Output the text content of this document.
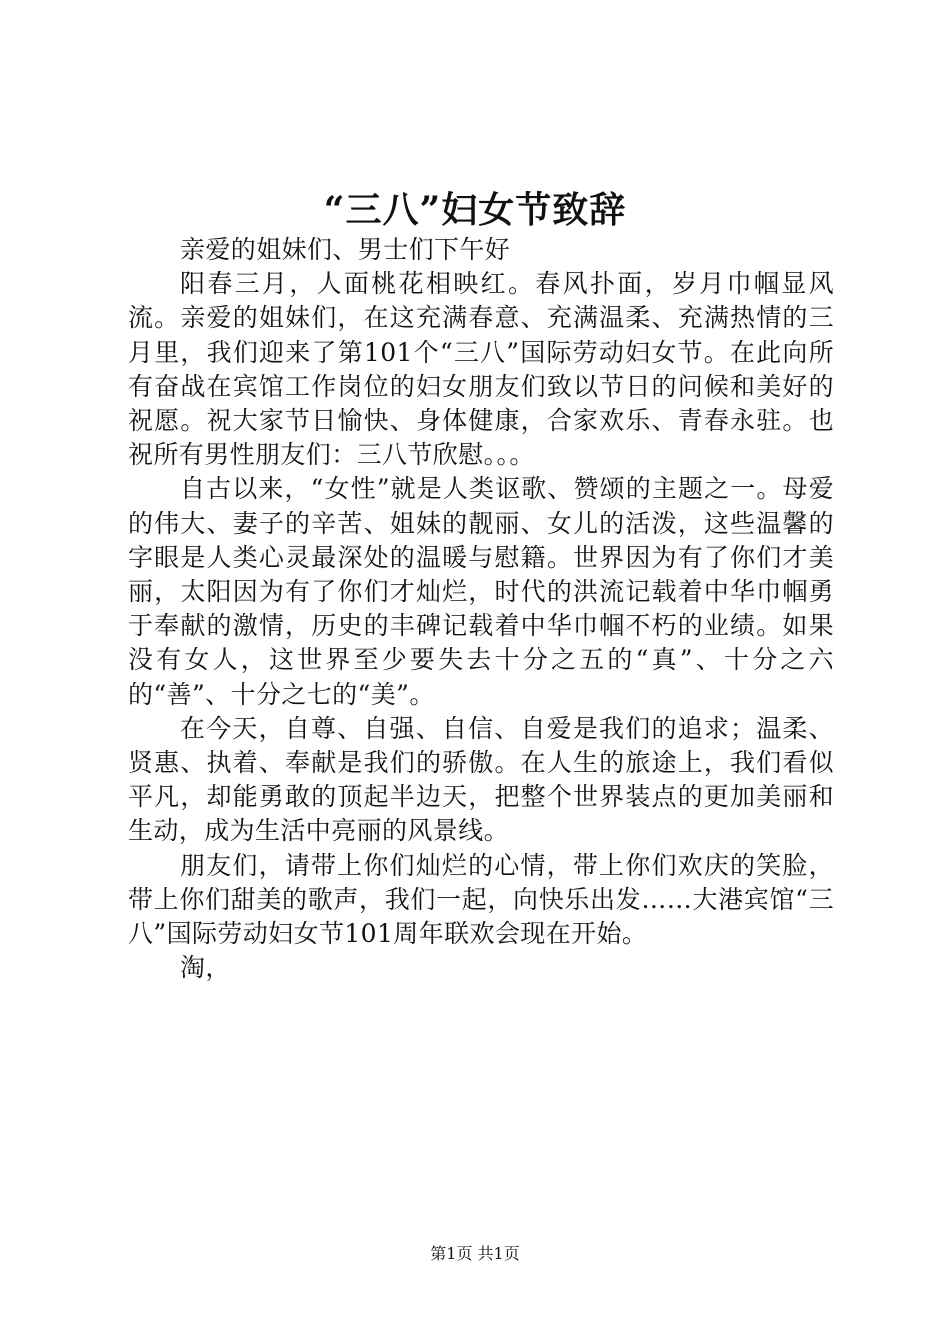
“三八”妇女节致辞

亲爱的姐妹们、男士们下午好

阳春三月，人面桃花相映红。春风扑面，岁月巾帼显风流。亲爱的姐妹们，在这充满春意、充满温柔、充满热情的三月里，我们迎来了第101个“三八”国际劳动妇女节。在此向所有奋战在宾馆工作岗位的妇女朋友们致以节日的问候和美好的祝愿。祝大家节日愉快、身体健康，合家欢乐、青春永驻。也祝所有男性朋友们：三八节欣慰。。。

自古以来，“女性”就是人类讴歌、赞颂的主题之一。母爱的伟大、妻子的辛苦、姐妹的靓丽、女儿的活泼，这些温馨的字眼是人类心灵最深处的温暖与慰籍。世界因为有了你们才美丽，太阳因为有了你们才灿烂，时代的洪流记载着中华巾帼勇于奉献的激情，历史的丰碑记载着中华巾帼不朽的业绩。如果没有女人，这世界至少要失去十分之五的“真”、十分之六的“善”、十分之七的“美”。

在今天，自尊、自强、自信、自爱是我们的追求；温柔、贤惠、执着、奉献是我们的骄傲。在人生的旅途上，我们看似平凡，却能勇敢的顶起半边天，把整个世界装点的更加美丽和生动，成为生活中亮丽的风景线。

朋友们，请带上你们灿烂的心情，带上你们欢庆的笑脸，带上你们甜美的歌声，我们一起，向快乐出发……大港宾馆“三八”国际劳动妇女节101周年联欢会现在开始。

淘，

第1页 共1页
